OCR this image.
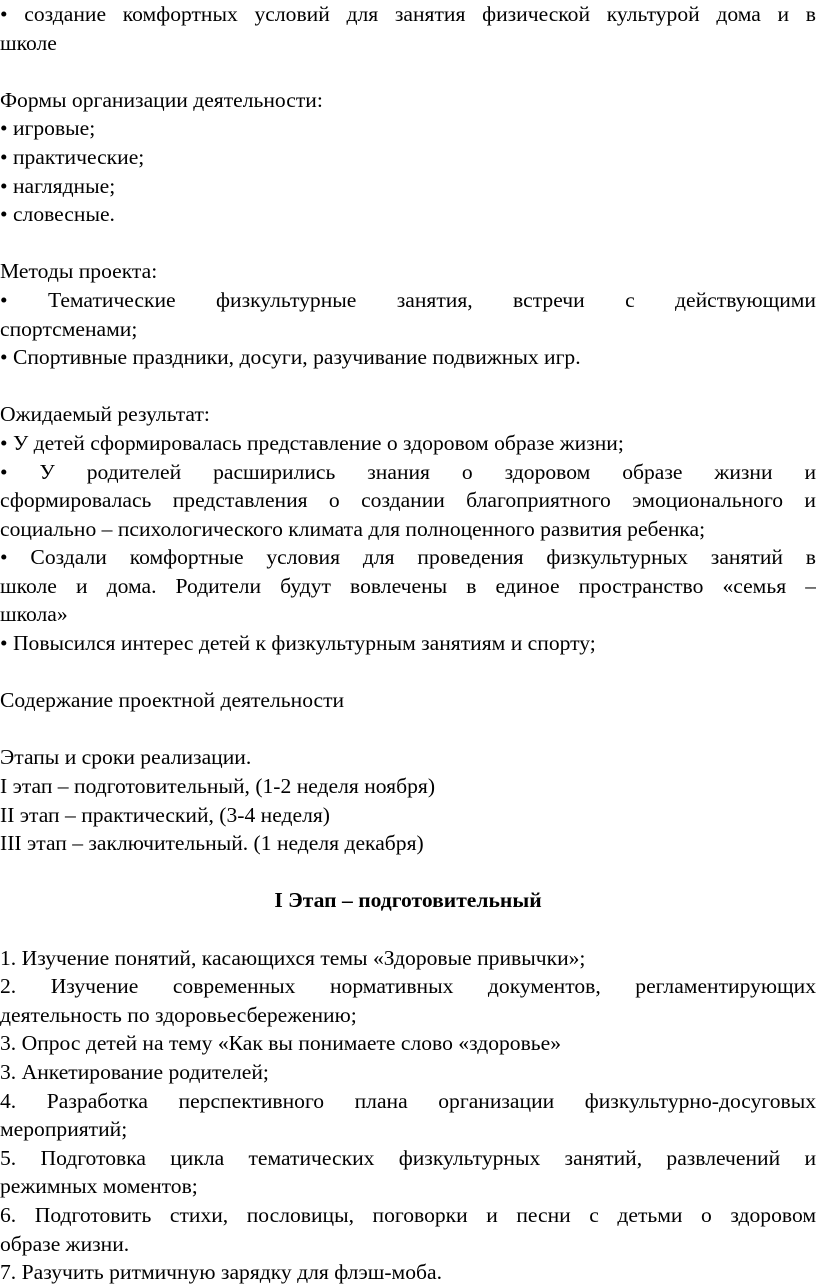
• создание комфортных условий для занятия физической культурой дома и в
школе
Формы организации деятельности:
• игровые;
• практические;
• наглядные;
• словесные.
Методы проекта:
• Тематические физкультурные занятия, встречи с действующими
спортсменами;
• Спортивные праздники, досуги, разучивание подвижных игр.
Ожидаемый результат:
• У детей сформировалась представление о здоровом образе жизни;
• У родителей расширились знания о здоровом образе жизни и
сформировалась представления о создании благоприятного эмоционального и
социально – психологического климата для полноценного развития ребенка;
• Создали комфортные условия для проведения физкультурных занятий в
школе и дома. Родители будут вовлечены в единое пространство «семья –
школа»
• Повысился интерес детей к физкультурным занятиям и спорту;
Содержание проектной деятельности
Этапы и сроки реализации.
I этап – подготовительный, (1-2 неделя ноября)
II этап – практический, (3-4 неделя)
III этап – заключительный. (1 неделя декабря)
I Этап – подготовительный
1. Изучение понятий, касающихся темы «Здоровые привычки»;
2. Изучение современных нормативных документов, регламентирующих
деятельность по здоровьесбережению;
3. Опрос детей на тему «Как вы понимаете слово «здоровье»
3. Анкетирование родителей;
4. Разработка перспективного плана организации физкультурно-досуговых
мероприятий;
5. Подготовка цикла тематических физкультурных занятий, развлечений и
режимных моментов;
6. Подготовить стихи, пословицы, поговорки и песни с детьми о здоровом
образе жизни.
7. Разучить ритмичную зарядку для флэш-моба.
